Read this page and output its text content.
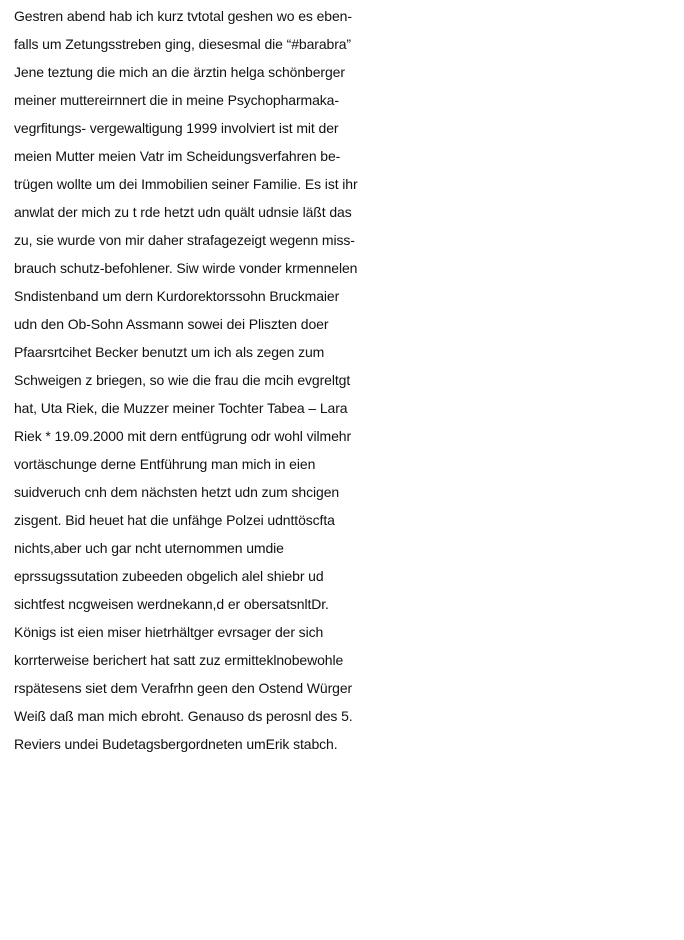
Gestren abend hab ich kurz tvtotal geshen wo es eben-
falls um Zetungsstreben ging, diesesmal die “#barabra”
Jene teztung die mich an die ärztin helga schönberger
meiner muttereirnnert die in meine Psychopharmaka-
vegrfitungs- vergewaltigung 1999 involviert ist mit der
meien Mutter meien Vatr im Scheidungsverfahren be-
trügen wollte um dei Immobilien seiner Familie. Es ist ihr
anwlat der mich zu t rde hetzt udn quält udnsie läßt das
zu, sie wurde von mir daher strafagezeigt wegenn miss-
brauch schutz-befohlener. Siw wirde vonder krmennelen
Sndistenband um dern Kurdorektorssohn Bruckmaier
udn den Ob-Sohn Assmann sowei dei Pliszten doer
Pfaarsrtcihet Becker benutzt um ich als zegen zum
Schweigen z briegen, so wie die frau die mcih evgreltgt
hat, Uta Riek, die Muzzer meiner Tochter Tabea – Lara
Riek * 19.09.2000 mit dern entfügrung odr wohl vilmehr
vortäschunge derne Entführung man mich in eien
suidveruch cnh dem nächsten hetzt udn zum shcigen
zisgent. Bid heuet hat die unfähge Polzei udnttöscfta
nichts,aber uch gar ncht uternommen umdie
eprssugssutation zubeeden obgelich alel shiebr ud
sichtfest ncgweisen werdnekann,d er obersatsnltDr.
Königs ist eien miser hietrhältger evrsager der sich
korrterweise berichert hat satt zuz ermitteklnobewohle
rspätesens siet dem Verafrhn geen den Ostend Würger
Weiß daß man mich ebroht. Genauso ds perosnl des 5.
Reviers undei Budetagsbergordneten umErik stabch.
